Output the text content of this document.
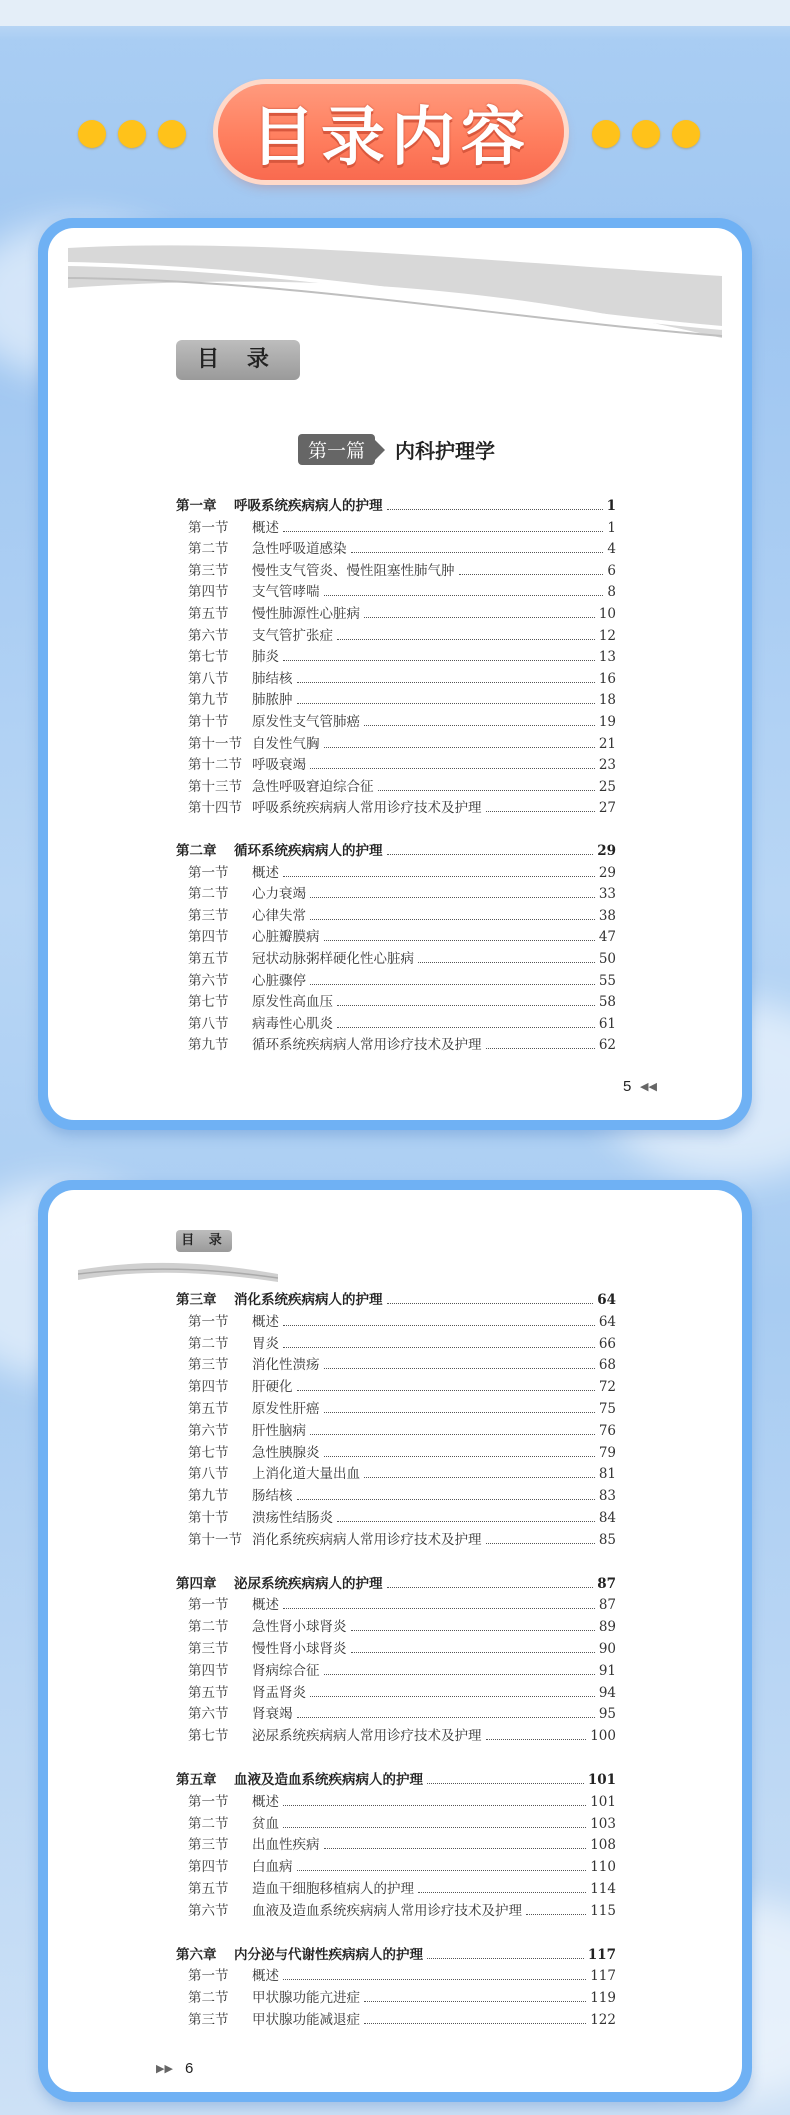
目录内容
目 录
第一篇	内科护理学
5 ◀◀
第一章	呼吸系统疾病病人的护理	1
第一节	概述	1
第二节	急性呼吸道感染	4
第三节	慢性支气管炎、慢性阻塞性肺气肿	6
第四节	支气管哮喘	8
第五节	慢性肺源性心脏病	10
第六节	支气管扩张症	12
第七节	肺炎	13
第八节	肺结核	16
第九节	肺脓肿	18
第十节	原发性支气管肺癌	19
第十一节 自发性气胸	21
第十二节 呼吸衰竭	23
第十三节 急性呼吸窘迫综合征	25
第十四节 呼吸系统疾病病人常用诊疗技术及护理	27
第二章	循环系统疾病病人的护理	29
第一节	概述	29
第二节	心力衰竭	33
第三节	心律失常	38
第四节	心脏瓣膜病	47
第五节	冠状动脉粥样硬化性心脏病	50
第六节	心脏骤停	55
第七节	原发性高血压	58
第八节	病毒性心肌炎	61
第九节	循环系统疾病病人常用诊疗技术及护理	62
目 录
▶▶ 6
第三章	消化系统疾病病人的护理	64
第一节	概述	64
第二节	胃炎	66
第三节	消化性溃疡	68
第四节	肝硬化	72
第五节	原发性肝癌	75
第六节	肝性脑病	76
第七节	急性胰腺炎	79
第八节	上消化道大量出血	81
第九节	肠结核	83
第十节	溃疡性结肠炎	84
第十一节 消化系统疾病病人常用诊疗技术及护理	85
第四章	泌尿系统疾病病人的护理	87
第一节	概述	87
第二节	急性肾小球肾炎	89
第三节	慢性肾小球肾炎	90
第四节	肾病综合征	91
第五节	肾盂肾炎	94
第六节	肾衰竭	95
第七节	泌尿系统疾病病人常用诊疗技术及护理	100
第五章	血液及造血系统疾病病人的护理	101
第一节	概述	101
第二节	贫血	103
第三节	出血性疾病	108
第四节	白血病	110
第五节	造血干细胞移植病人的护理	114
第六节	血液及造血系统疾病病人常用诊疗技术及护理	115
第六章	内分泌与代谢性疾病病人的护理	117
第一节	概述	117
第二节	甲状腺功能亢进症	119
第三节	甲状腺功能减退症	122
